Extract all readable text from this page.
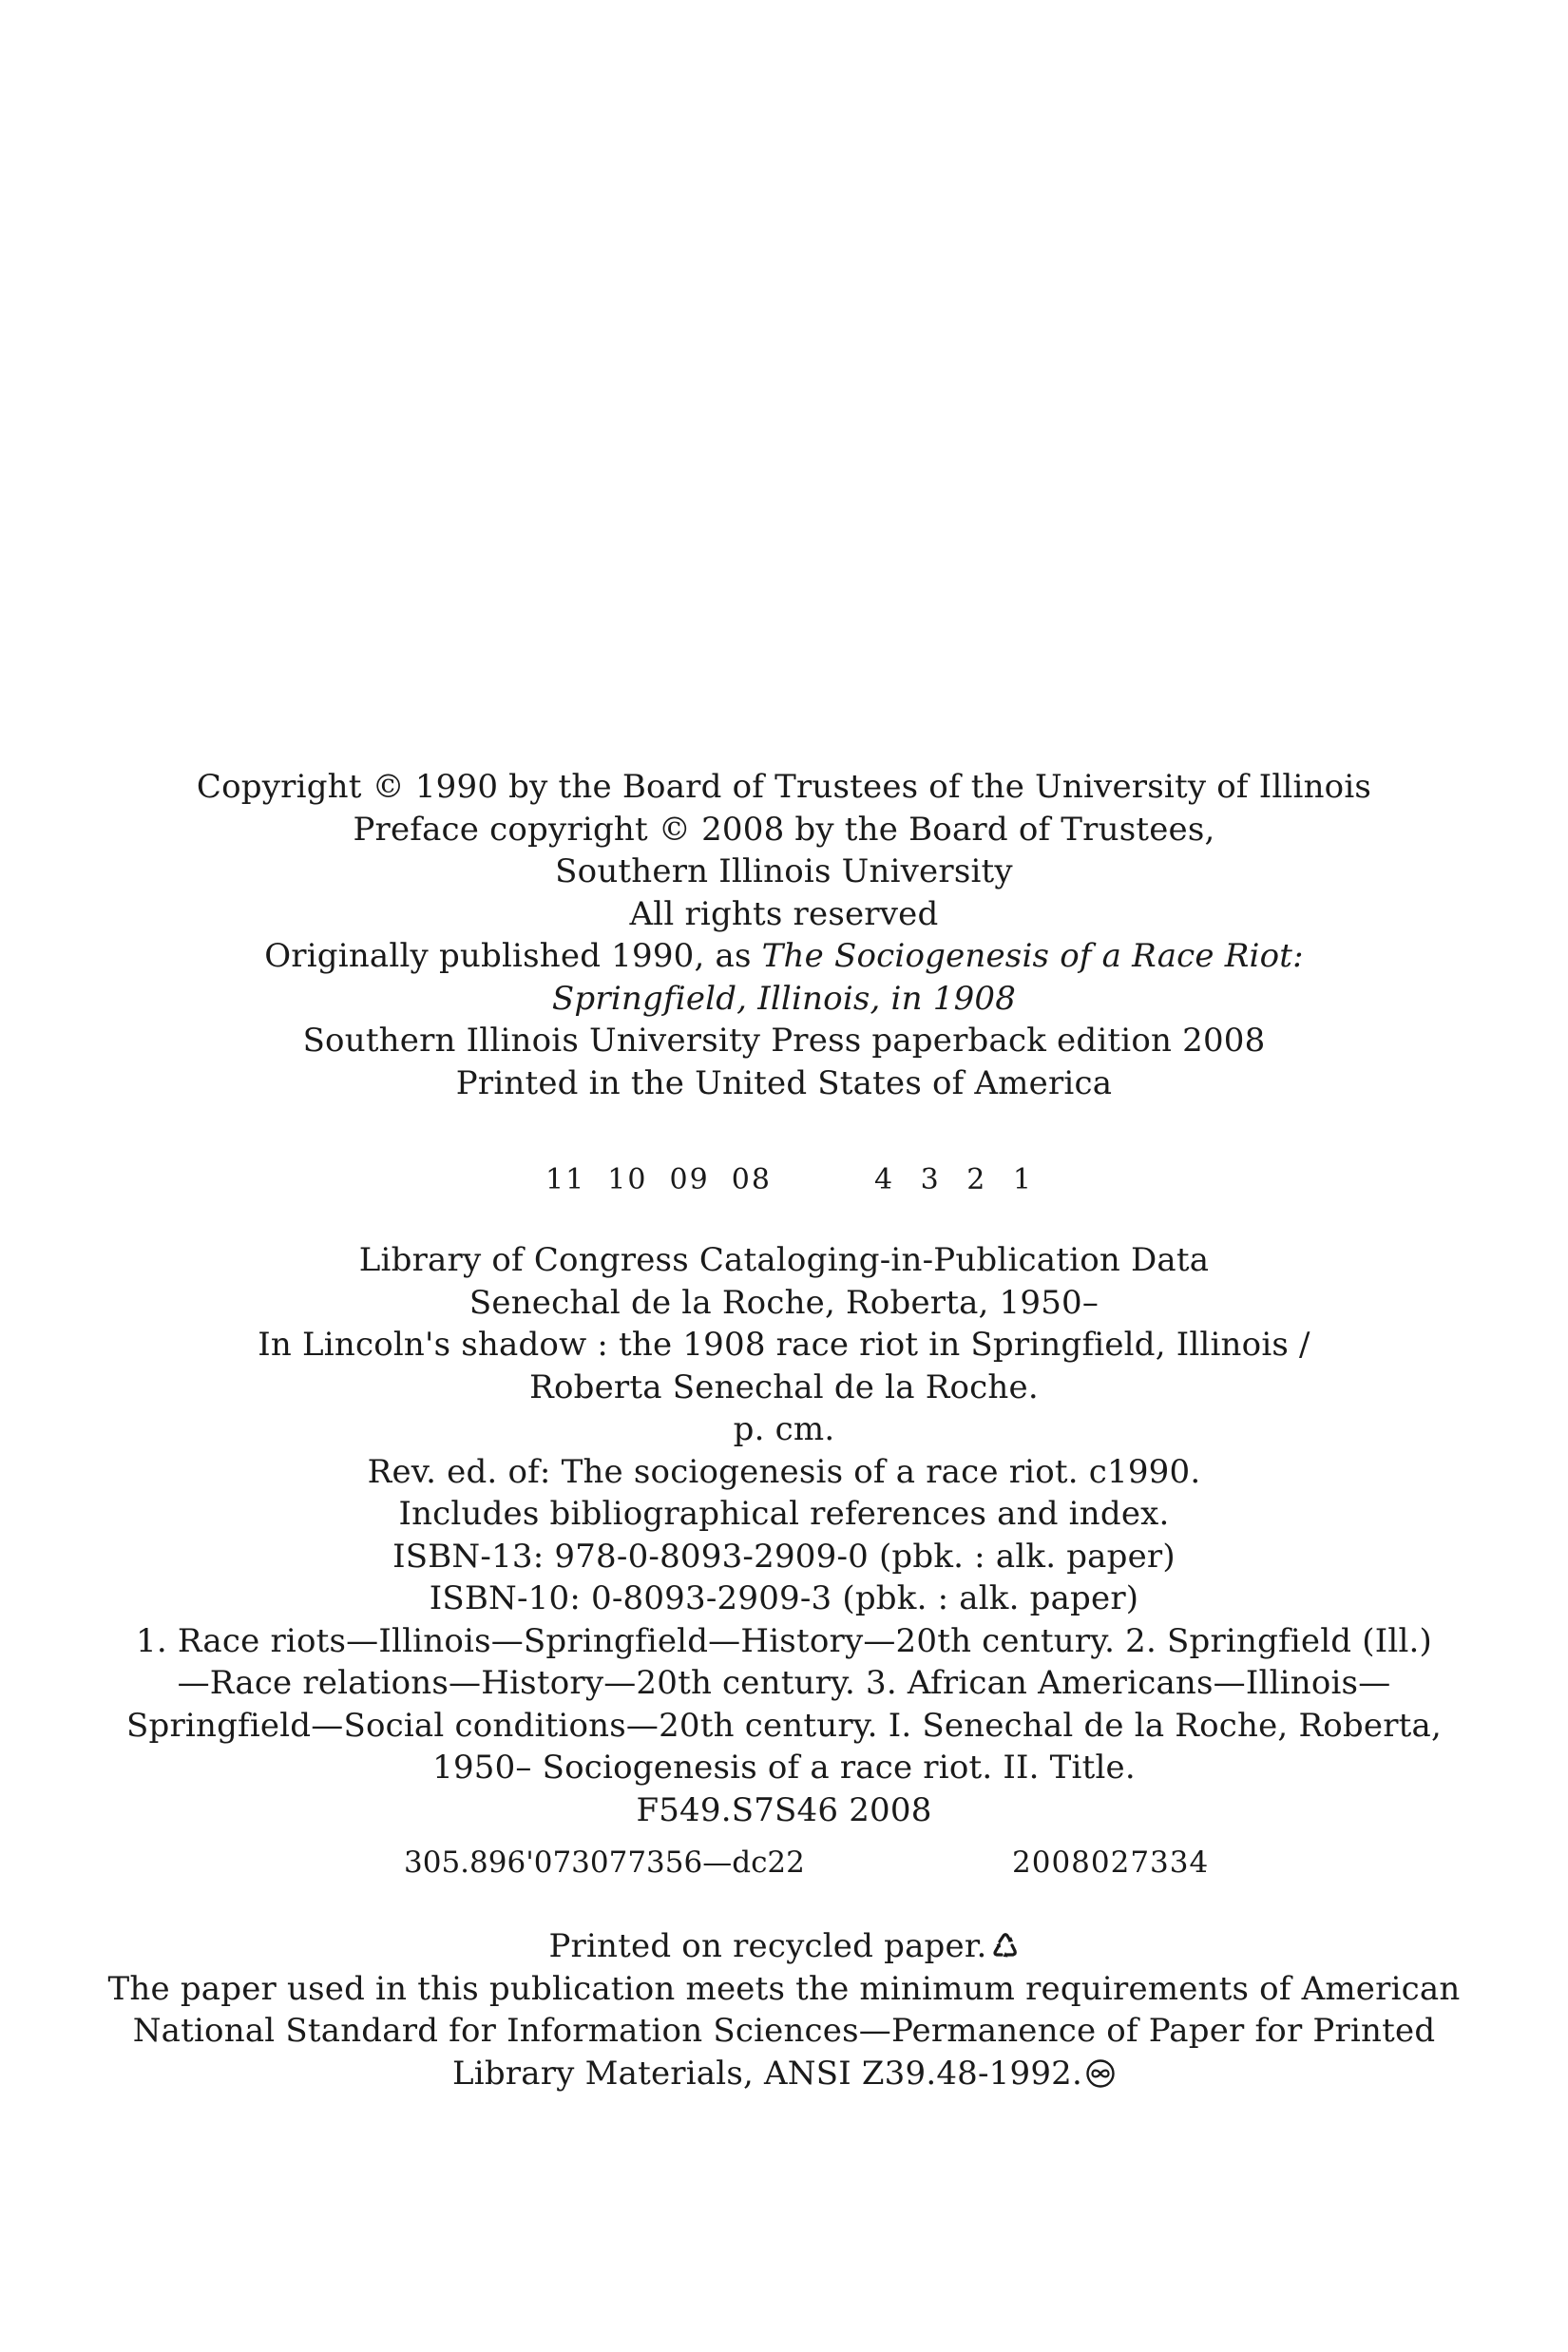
Copyright © 1990 by the Board of Trustees of the University of Illinois
Preface copyright © 2008 by the Board of Trustees,
Southern Illinois University
All rights reserved
Originally published 1990, as The Sociogenesis of a Race Riot:
Springfield, Illinois, in 1908
Southern Illinois University Press paperback edition 2008
Printed in the United States of America
11  10  09  08	4 3 2 1
Library of Congress Cataloging-in-Publication Data
Senechal de la Roche, Roberta, 1950–
In Lincoln's shadow : the 1908 race riot in Springfield, Illinois /
Roberta Senechal de la Roche.
p. cm.
Rev. ed. of: The sociogenesis of a race riot. c1990.
Includes bibliographical references and index.
ISBN-13: 978-0-8093-2909-0 (pbk. : alk. paper)
ISBN-10: 0-8093-2909-3 (pbk. : alk. paper)
1. Race riots—Illinois—Springfield—History—20th century. 2. Springfield (Ill.)
—Race relations—History—20th century. 3. African Americans—Illinois—
Springfield—Social conditions—20th century. I. Senechal de la Roche, Roberta,
1950– Sociogenesis of a race riot. II. Title.
F549.S7S46 2008
305.896'073077356—dc22	2008027334
Printed on recycled paper.
The paper used in this publication meets the minimum requirements of American
National Standard for Information Sciences—Permanence of Paper for Printed
Library Materials, ANSI Z39.48-1992.
